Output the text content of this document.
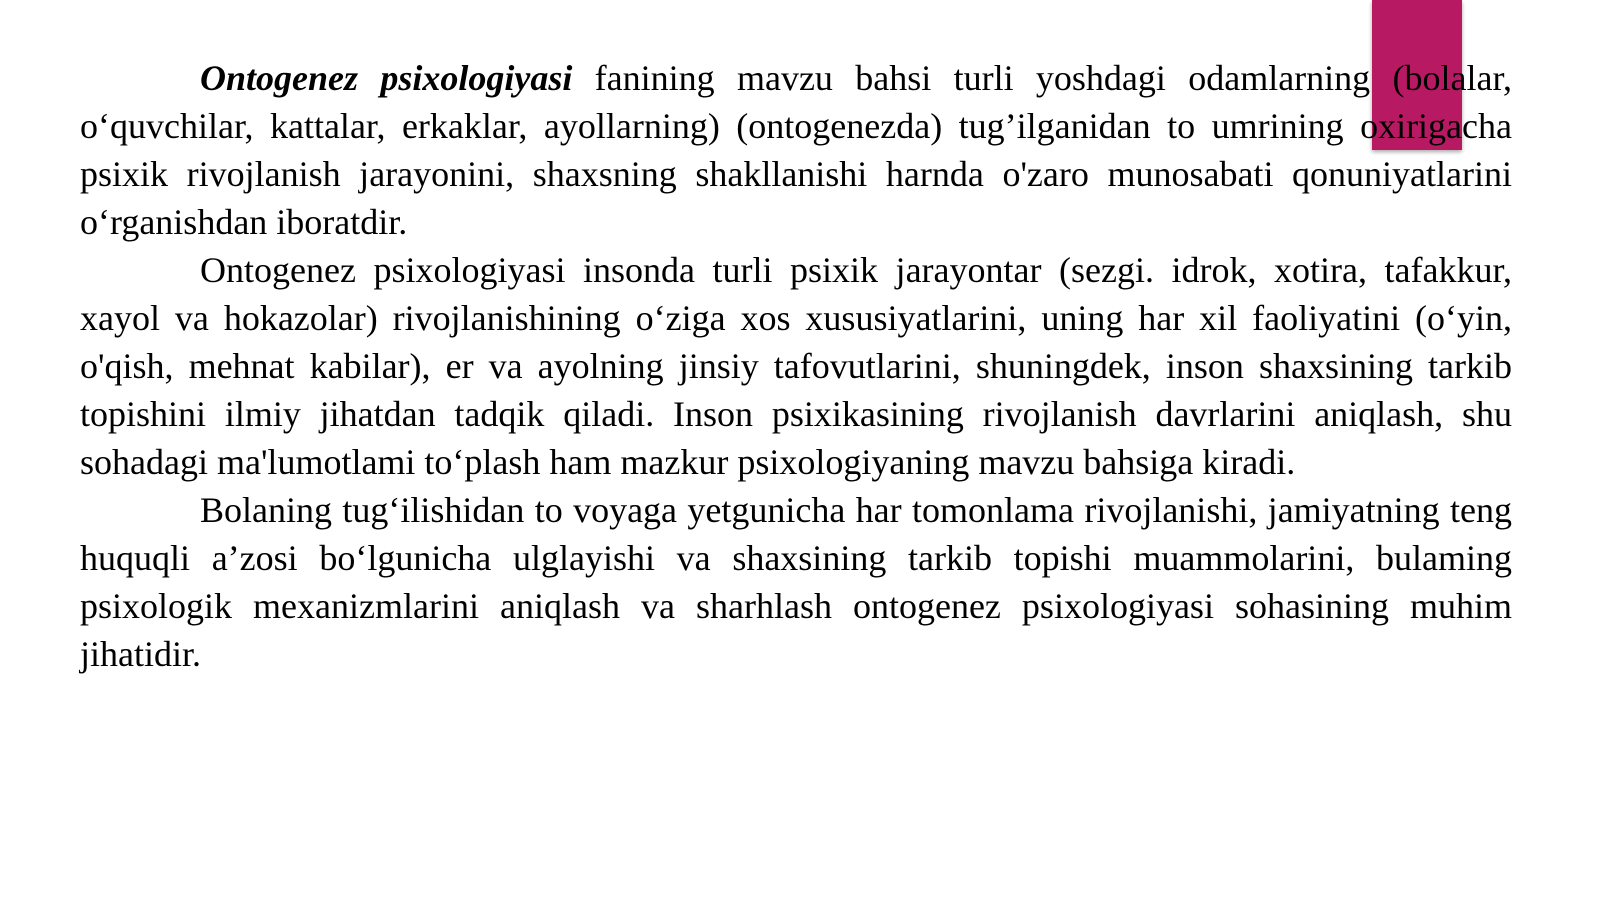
Ontogenez psixologiyasi fanining mavzu bahsi turli yoshdagi odamlarning (bolalar, o‘quvchilar, kattalar, erkaklar, ayollarning) (ontogenezda) tug’ilganidan to umrining oxirigacha psixik rivojlanish jarayonini, shaxsning shakllanishi harnda o'zaro munosabati qonuniyatlarini o‘rganishdan iboratdir.

Ontogenez psixologiyasi insonda turli psixik jarayontar (sezgi. idrok, xotira, tafakkur, xayol va hokazolar) rivojlanishining o‘ziga xos xususiyatlarini, uning har xil faoliyatini (o‘yin, o'qish, mehnat kabilar), er va ayolning jinsiy tafovutlarini, shuningdek, inson shaxsining tarkib topishini ilmiy jihatdan tadqik qiladi. Inson psixikasining rivojlanish davrlarini aniqlash, shu sohadagi ma'lumotlami to‘plash ham mazkur psixologiyaning mavzu bahsiga kiradi.

Bolaning tug‘ilishidan to voyaga yetgunicha har tomonlama rivojlanishi, jamiyatning teng huquqli a’zosi bo‘lgunicha ulglayishi va shaxsining tarkib topishi muammolarini, bulaming psixologik mexanizmlarini aniqlash va sharhlash ontogenez psixologiyasi sohasining muhim jihatidir.
